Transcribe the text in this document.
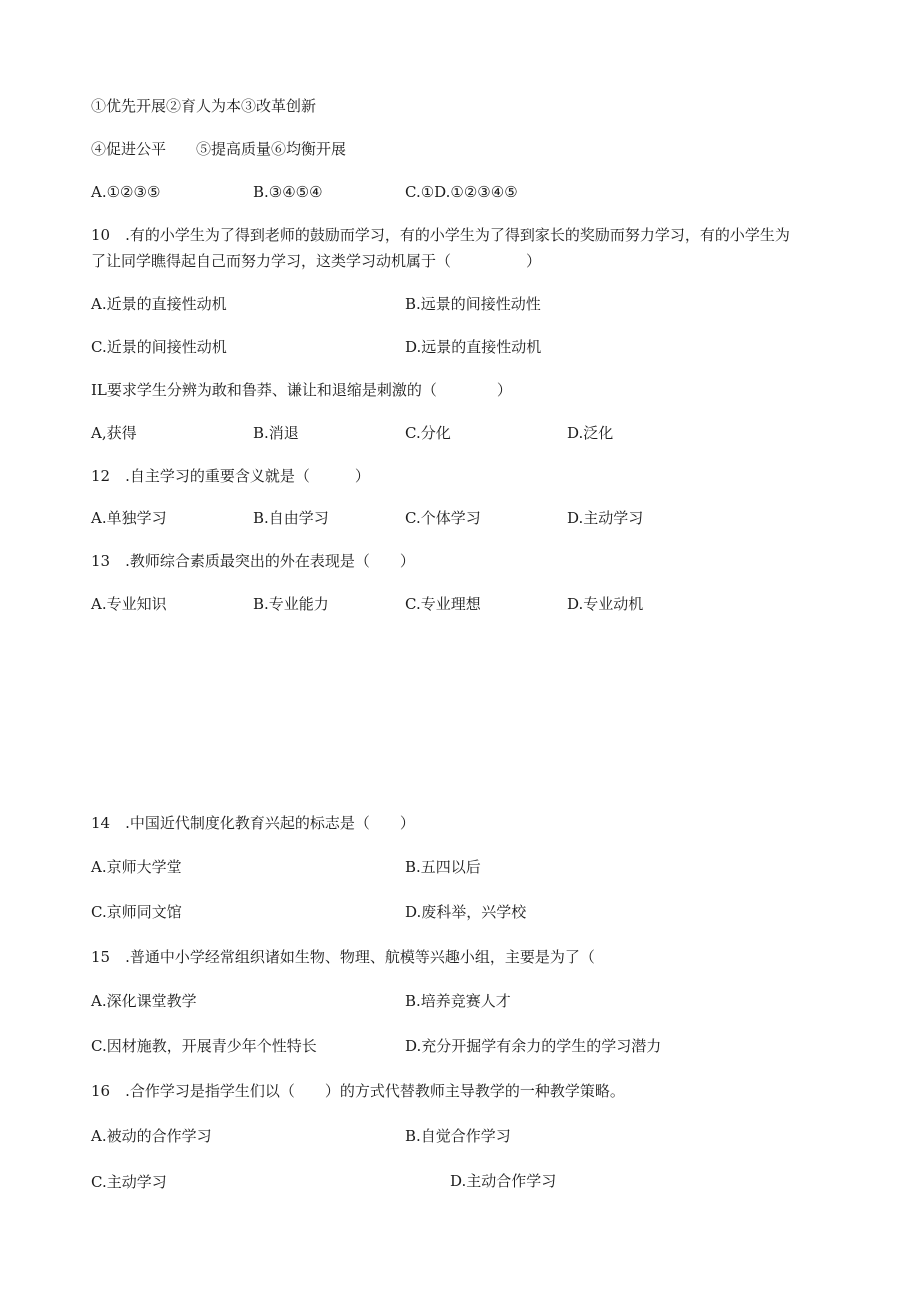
①优先开展②育人为本③改革创新
④促进公平　　⑤提高质量⑥均衡开展
A.①②③⑤	B.③④⑤④	C.①D.①②③④⑤
10　.有的小学生为了得到老师的鼓励而学习，有的小学生为了得到家长的奖励而努力学习，有的小学生为
了让同学瞧得起自己而努力学习，这类学习动机属于（　　　　　）
A.近景的直接性动机	B.远景的间接性动性
C.近景的间接性动机	D.远景的直接性动机
IL要求学生分辨为敢和鲁莽、谦让和退缩是刺激的（　　　　）
A,获得	B.消退	C.分化	D.泛化
12　.自主学习的重要含义就是（　　　）
A.单独学习	B.自由学习	C.个体学习	D.主动学习
13　.教师综合素质最突出的外在表现是（　　）
A.专业知识	B.专业能力	C.专业理想	D.专业动机
14　.中国近代制度化教育兴起的标志是（　　）
A.京师大学堂	B.五四以后
C.京师同文馆	D.废科举，兴学校
15　.普通中小学经常组织诸如生物、物理、航模等兴趣小组，主要是为了（
A.深化课堂教学	B.培养竞赛人才
C.因材施教，开展青少年个性特长	D.充分开掘学有余力的学生的学习潜力
16　.合作学习是指学生们以（　　）的方式代替教师主导教学的一种教学策略。
A.被动的合作学习	B.自觉合作学习
C.主动学习	D.主动合作学习
